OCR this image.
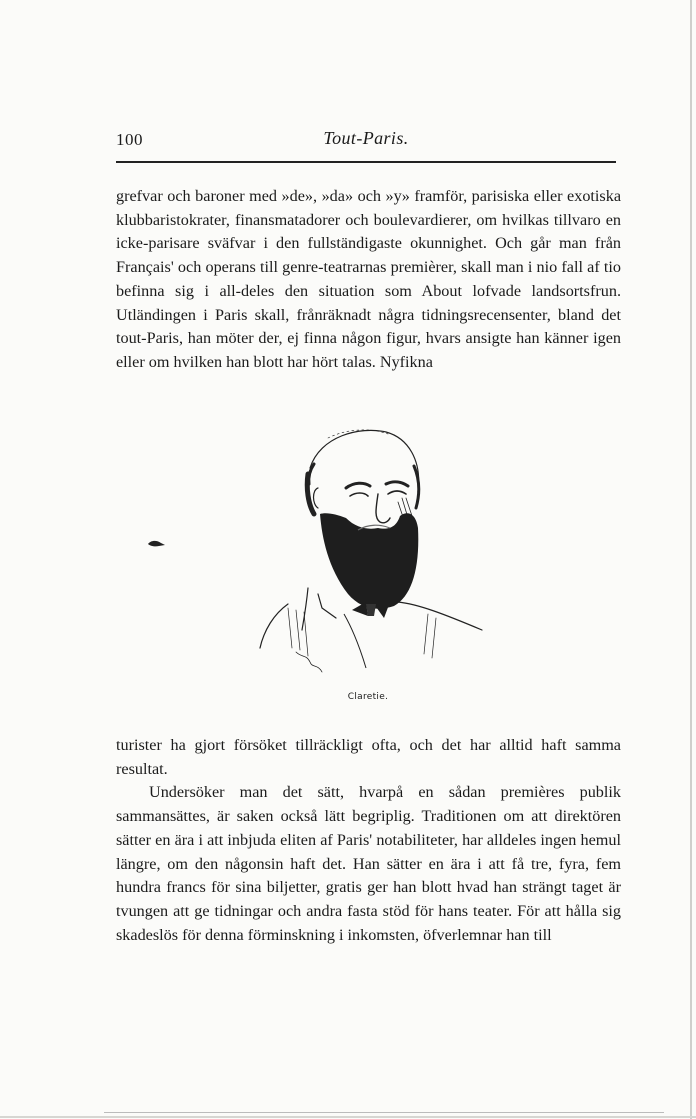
100	Tout-Paris.

grefvar och baroner med »de», »da» och »y» framför, parisiska eller exotiska klubbaristokrater, finansmatadorer och boulevardierer, om hvilkas tillvaro en icke-parisare sväfvar i den fullständigaste okunnighet. Och går man från Français' och operans till genre-teatrarnas premièrer, skall man i nio fall af tio befinna sig i all-deles den situation som About lofvade landsortsfrun. Utländingen i Paris skall, frånräknadt några tidningsrecensenter, bland det tout-Paris, han möter der, ej finna någon figur, hvars ansigte han känner igen eller om hvilken han blott har hört talas. Nyfikna

Claretie.

turister ha gjort försöket tillräckligt ofta, och det har alltid haft samma resultat.

Undersöker man det sätt, hvarpå en sådan premières publik sammansättes, är saken också lätt begriplig. Traditionen om att direktören sätter en ära i att inbjuda eliten af Paris' notabiliteter, har alldeles ingen hemul längre, om den någonsin haft det. Han sätter en ära i att få tre, fyra, fem hundra francs för sina biljetter, gratis ger han blott hvad han strängt taget är tvungen att ge tidningar och andra fasta stöd för hans teater. För att hålla sig skadeslös för denna förminskning i inkomsten, öfverlemnar han till
